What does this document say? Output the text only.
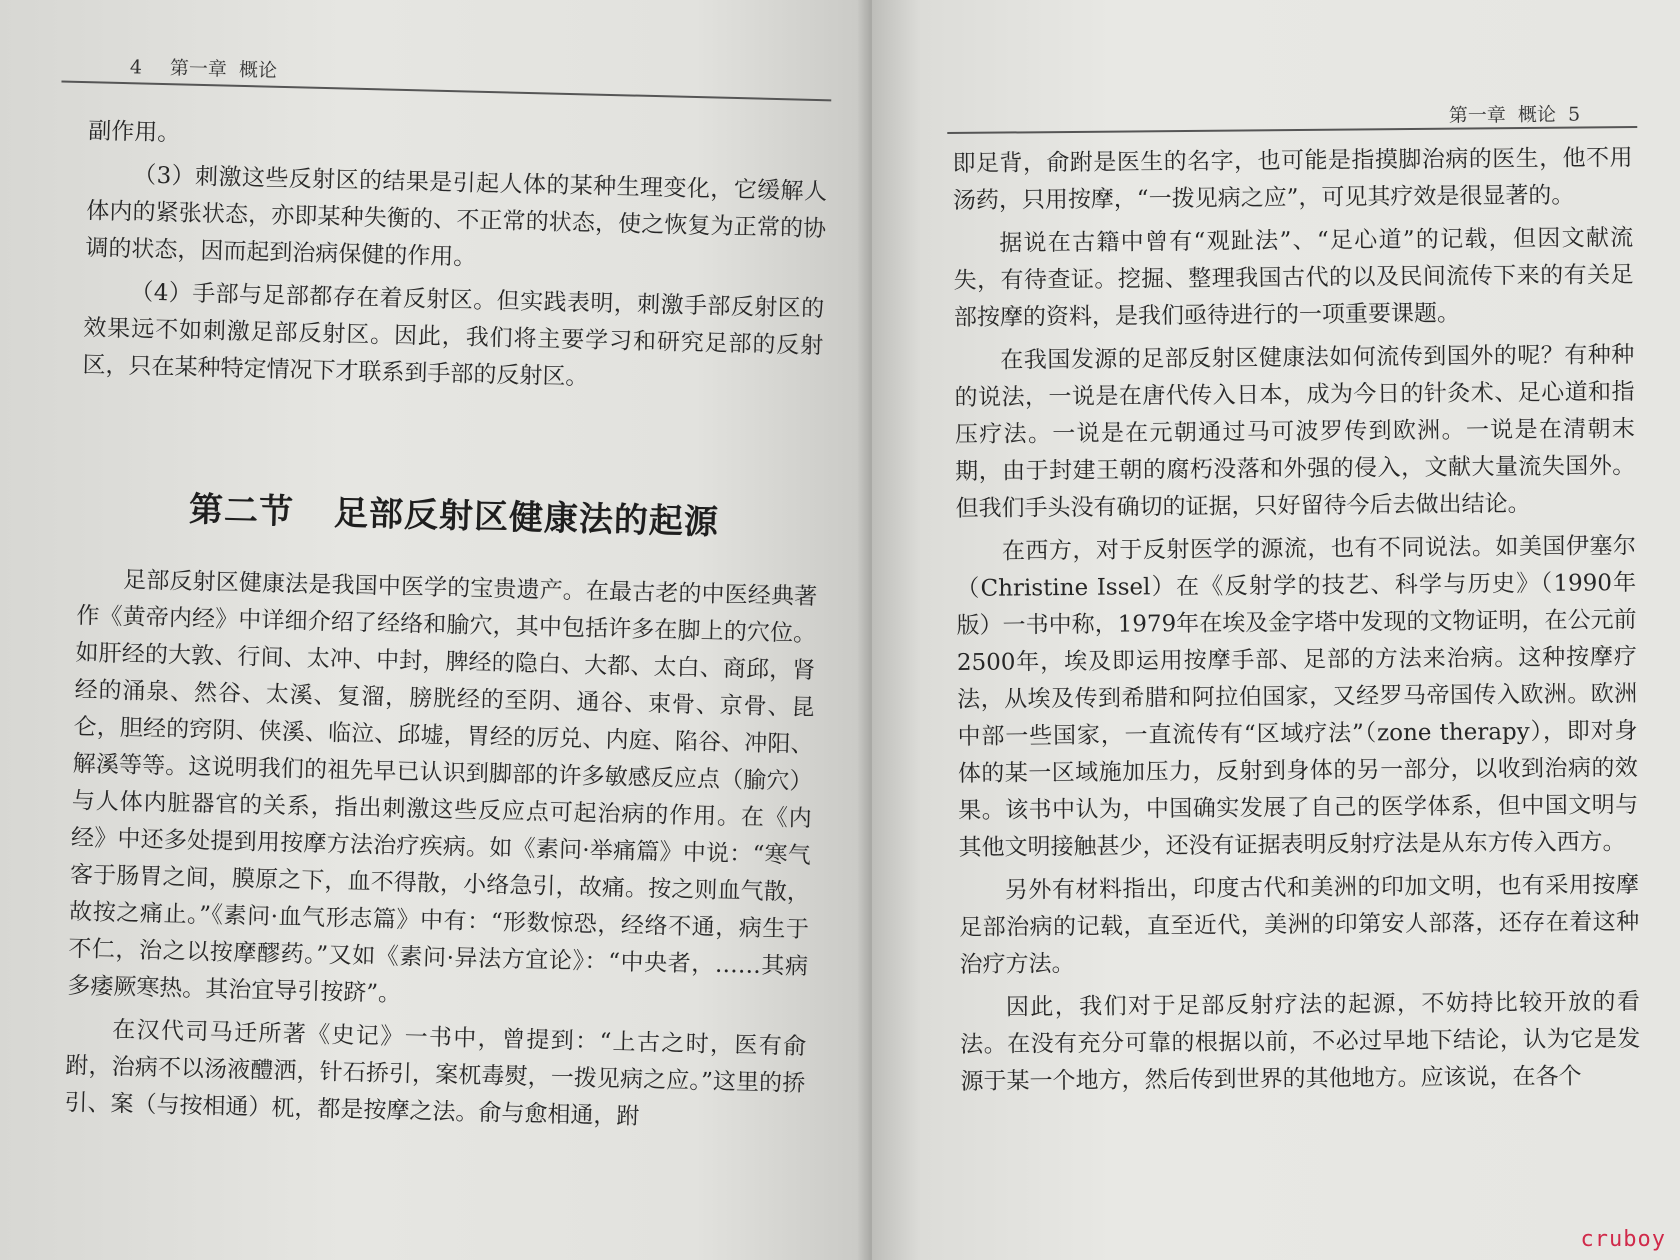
4 第一章 概论

副作用。

（3）刺激这些反射区的结果是引起人体的某种生理变化，它缓解人体内的紧张状态，亦即某种失衡的、不正常的状态，使之恢复为正常的协调的状态，因而起到治病保健的作用。

（4）手部与足部都存在着反射区。但实践表明，刺激手部反射区的效果远不如刺激足部反射区。因此，我们将主要学习和研究足部的反射区，只在某种特定情况下才联系到手部的反射区。

第二节 足部反射区健康法的起源

足部反射区健康法是我国中医学的宝贵遗产。在最古老的中医经典著作《黄帝内经》中详细介绍了经络和腧穴，其中包括许多在脚上的穴位。如肝经的大敦、行间、太冲、中封，脾经的隐白、大都、太白、商邱，肾经的涌泉、然谷、太溪、复溜，膀胱经的至阴、通谷、束骨、京骨、昆仑，胆经的窍阴、侠溪、临泣、邱墟，胃经的厉兑、内庭、陷谷、冲阳、解溪等等。这说明我们的祖先早已认识到脚部的许多敏感反应点（腧穴）与人体内脏器官的关系，指出刺激这些反应点可起治病的作用。在《内经》中还多处提到用按摩方法治疗疾病。如《素问·举痛篇》中说：“寒气客于肠胃之间，膜原之下，血不得散，小络急引，故痛。按之则血气散，故按之痛止。”《素问·血气形志篇》中有：“形数惊恐，经络不通，病生于不仁，治之以按摩醪药。”又如《素问·异法方宜论》：“中央者，……其病多痿厥寒热。其治宜导引按跻”。

在汉代司马迁所著《史记》一书中，曾提到：“上古之时，医有俞跗，治病不以汤液醴洒，针石挢引，案杌毒熨，一拨见病之应。”这里的挢引、案（与按相通）杌，都是按摩之法。俞与愈相通，跗

第一章 概论 5

即足背，俞跗是医生的名字，也可能是指摸脚治病的医生，他不用汤药，只用按摩，“一拨见病之应”，可见其疗效是很显著的。

据说在古籍中曾有“观趾法”、“足心道”的记载，但因文献流失，有待查证。挖掘、整理我国古代的以及民间流传下来的有关足部按摩的资料，是我们亟待进行的一项重要课题。

在我国发源的足部反射区健康法如何流传到国外的呢？有种种的说法，一说是在唐代传入日本，成为今日的针灸术、足心道和指压疗法。一说是在元朝通过马可波罗传到欧洲。一说是在清朝末期，由于封建王朝的腐朽没落和外强的侵入，文献大量流失国外。但我们手头没有确切的证据，只好留待今后去做出结论。

在西方，对于反射医学的源流，也有不同说法。如美国伊塞尔（Christine Issel）在《反射学的技艺、科学与历史》（1990年版）一书中称，1979年在埃及金字塔中发现的文物证明，在公元前2500年，埃及即运用按摩手部、足部的方法来治病。这种按摩疗法，从埃及传到希腊和阿拉伯国家，又经罗马帝国传入欧洲。欧洲中部一些国家，一直流传有“区域疗法”（zone therapy），即对身体的某一区域施加压力，反射到身体的另一部分，以收到治病的效果。该书中认为，中国确实发展了自己的医学体系，但中国文明与其他文明接触甚少，还没有证据表明反射疗法是从东方传入西方。

另外有材料指出，印度古代和美洲的印加文明，也有采用按摩足部治病的记载，直至近代，美洲的印第安人部落，还存在着这种治疗方法。

因此，我们对于足部反射疗法的起源，不妨持比较开放的看法。在没有充分可靠的根据以前，不必过早地下结论，认为它是发源于某一个地方，然后传到世界的其他地方。应该说，在各个

cruboy
